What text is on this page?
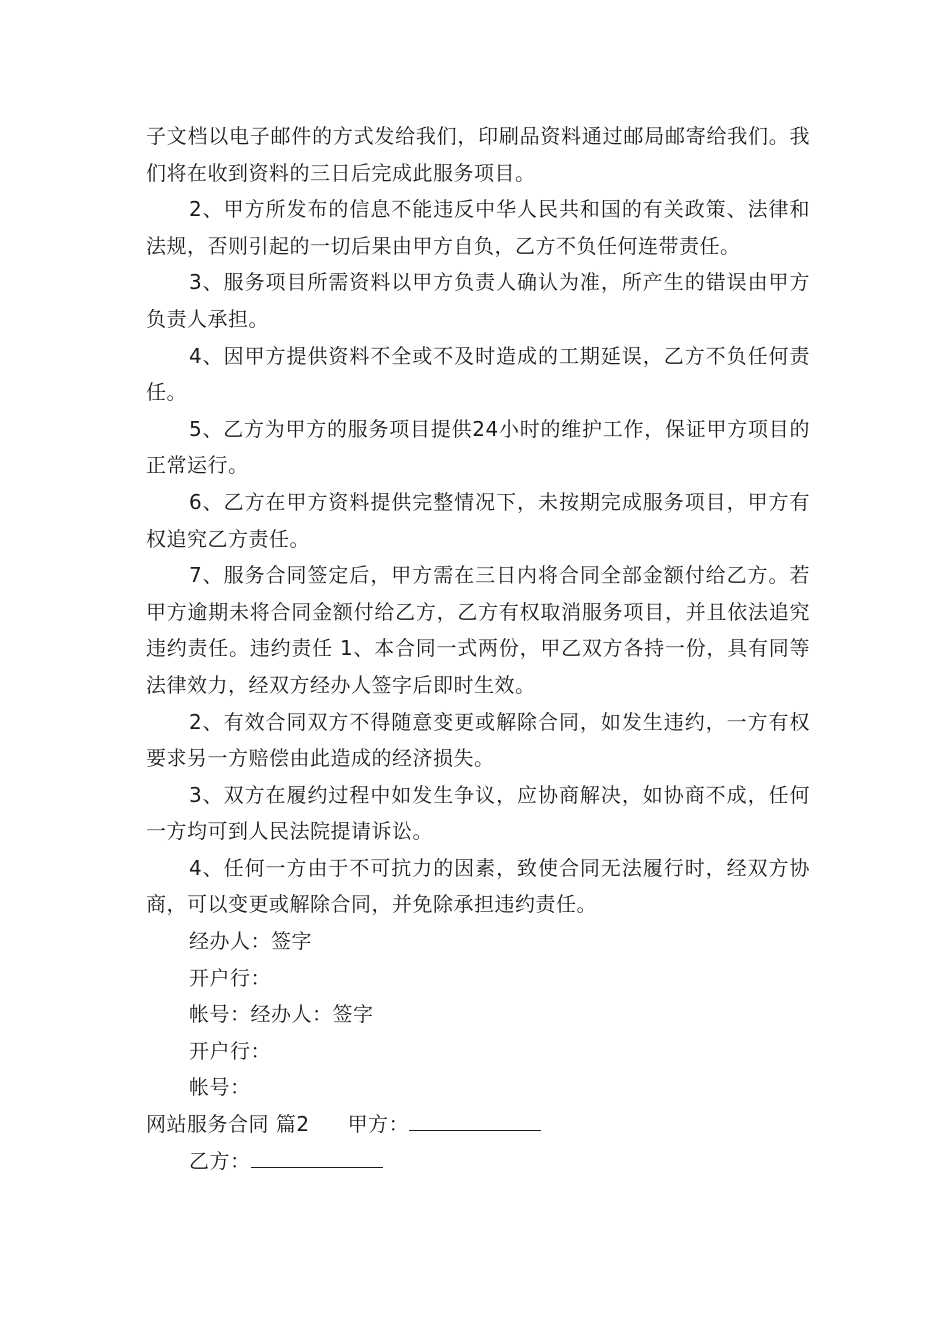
子文档以电子邮件的方式发给我们，印刷品资料通过邮局邮寄给我们。我们将在收到资料的三日后完成此服务项目。

2、甲方所发布的信息不能违反中华人民共和国的有关政策、法律和法规，否则引起的一切后果由甲方自负，乙方不负任何连带责任。

3、服务项目所需资料以甲方负责人确认为准，所产生的错误由甲方负责人承担。

4、因甲方提供资料不全或不及时造成的工期延误，乙方不负任何责任。

5、乙方为甲方的服务项目提供24小时的维护工作，保证甲方项目的正常运行。

6、乙方在甲方资料提供完整情况下，未按期完成服务项目，甲方有权追究乙方责任。

7、服务合同签定后，甲方需在三日内将合同全部金额付给乙方。若甲方逾期未将合同金额付给乙方，乙方有权取消服务项目，并且依法追究违约责任。违约责任 1、本合同一式两份，甲乙双方各持一份，具有同等法律效力，经双方经办人签字后即时生效。

2、有效合同双方不得随意变更或解除合同，如发生违约，一方有权要求另一方赔偿由此造成的经济损失。

3、双方在履约过程中如发生争议，应协商解决，如协商不成，任何一方均可到人民法院提请诉讼。

4、任何一方由于不可抗力的因素，致使合同无法履行时，经双方协商，可以变更或解除合同，并免除承担违约责任。

经办人：签字
开户行：
帐号：经办人：签字
开户行：
帐号：
网站服务合同 篇2 甲方：
乙方：
